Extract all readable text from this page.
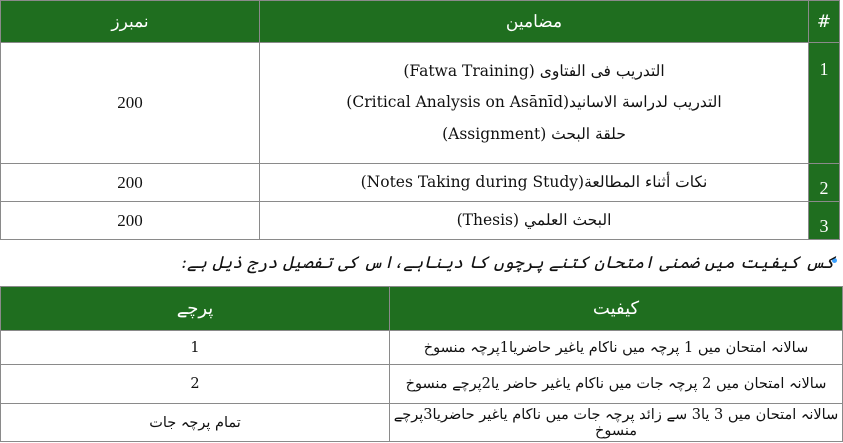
نمبرز	مضامین	#
200	التدریب فی الفتاوی (Fatwa Training)
التدریب لدراسة الاسانید(Critical Analysis on Asānīd)
حلقة البحث (Assignment)	1
200	نکات أثناء المطالعة(Notes Taking during Study)	2
200	البحث العلمي (Thesis)	3
کس کیفیت میں ضمنی امتحان کتنے پرچوں کا دیناہے،اس کی تفصیل درج ذیل ہے:
پرچے	کیفیت
1	سالانہ امتحان میں 1 پرچہ میں ناکام یاغیر حاضریا1پرچہ منسوخ
2	سالانہ امتحان میں 2 پرچہ جات میں ناکام یاغیر حاضر یا2پرچے منسوخ
تمام پرچہ جات	سالانہ امتحان میں 3 یا3 سے زائد پرچہ جات میں ناکام یاغیر حاضریا3پرچے منسوخ
